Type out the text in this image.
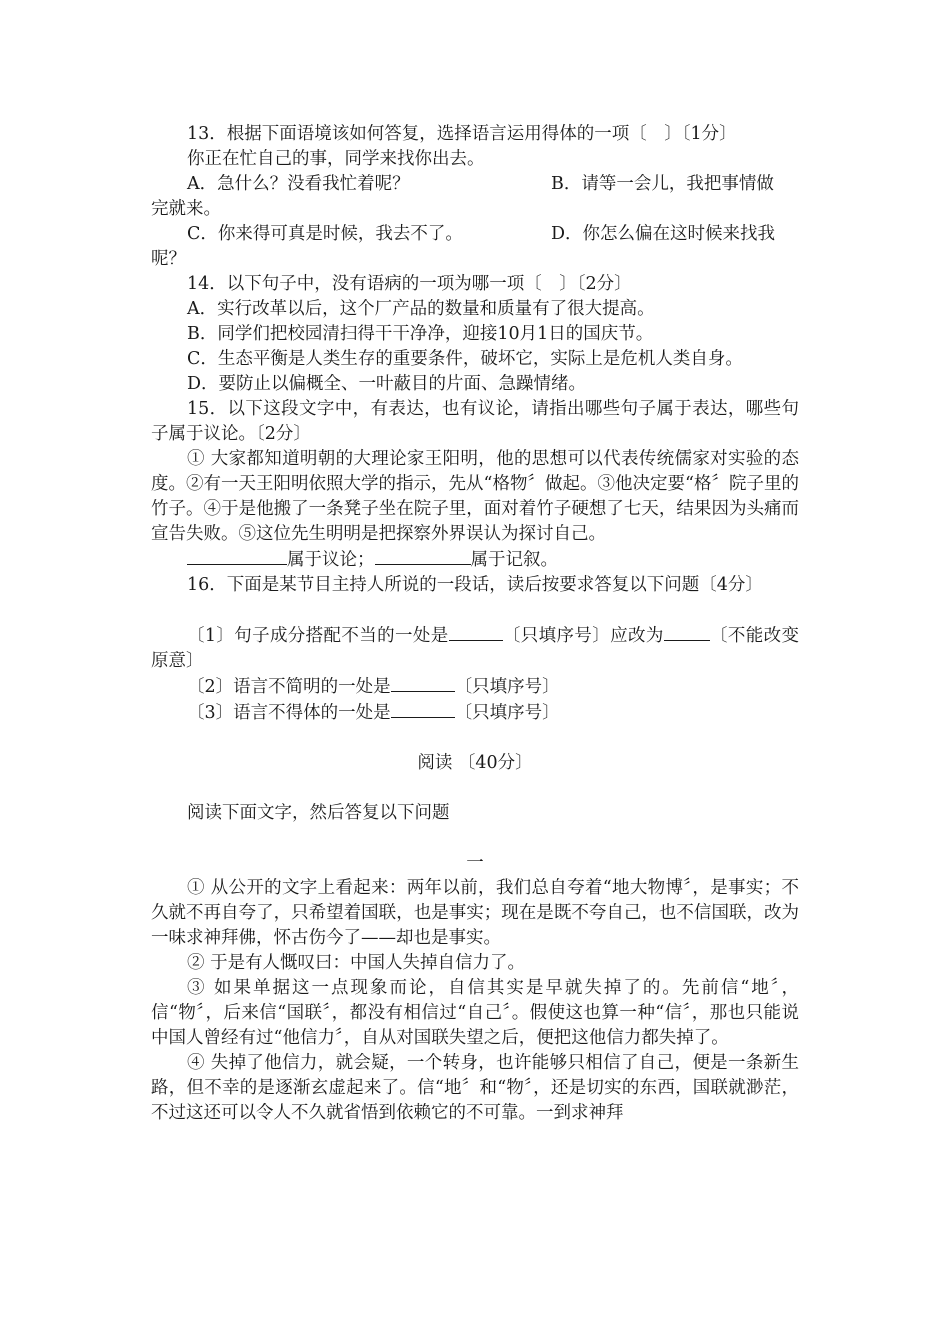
13．根据下面语境该如何答复，选择语言运用得体的一项〔　〕〔1分〕

你正在忙自己的事，同学来找你出去。

A．急什么？没看我忙着呢？	B．请等一会儿，我把事情做

完就来。

C．你来得可真是时候，我去不了。	D．你怎么偏在这时候来找我

呢？

14．以下句子中，没有语病的一项为哪一项〔　〕〔2分〕

A．实行改革以后，这个厂产品的数量和质量有了很大提高。

B．同学们把校园清扫得干干净净，迎接10月1日的国庆节。

C．生态平衡是人类生存的重要条件，破坏它，实际上是危机人类自身。

D．要防止以偏概全、一叶蔽目的片面、急躁情绪。

15．以下这段文字中，有表达，也有议论，请指出哪些句子属于表达，哪些句子属于议论。〔2分〕

① 大家都知道明朝的大理论家王阳明，他的思想可以代表传统儒家对实验的态度。②有一天王阳明依照大学的指示，先从“格物〞做起。③他决定要“格〞院子里的竹子。④于是他搬了一条凳子坐在院子里，面对着竹子硬想了七天，结果因为头痛而宣告失败。⑤这位先生明明是把探察外界误认为探讨自己。

属于议论；	属于记叙。

16．下面是某节目主持人所说的一段话，读后按要求答复以下问题〔4分〕

〔1〕句子成分搭配不当的一处是	〔只填序号〕应改为	〔不能改变原意〕

〔2〕语言不简明的一处是	〔只填序号〕

〔3〕语言不得体的一处是	〔只填序号〕

阅读 〔40分〕

阅读下面文字，然后答复以下问题

一

① 从公开的文字上看起来：两年以前，我们总自夸着“地大物博〞，是事实；不久就不再自夸了，只希望着国联，也是事实；现在是既不夸自己，也不信国联，改为一味求神拜佛，怀古伤今了——却也是事实。

② 于是有人慨叹曰：中国人失掉自信力了。

③ 如果单据这一点现象而论，自信其实是早就失掉了的。先前信“地〞，信“物〞，后来信“国联〞，都没有相信过“自己〞。假使这也算一种“信〞，那也只能说中国人曾经有过“他信力〞，自从对国联失望之后，便把这他信力都失掉了。

④ 失掉了他信力，就会疑，一个转身，也许能够只相信了自己，便是一条新生路，但不幸的是逐渐玄虚起来了。信“地〞和“物〞，还是切实的东西，国联就渺茫，不过这还可以令人不久就省悟到依赖它的不可靠。一到求神拜
